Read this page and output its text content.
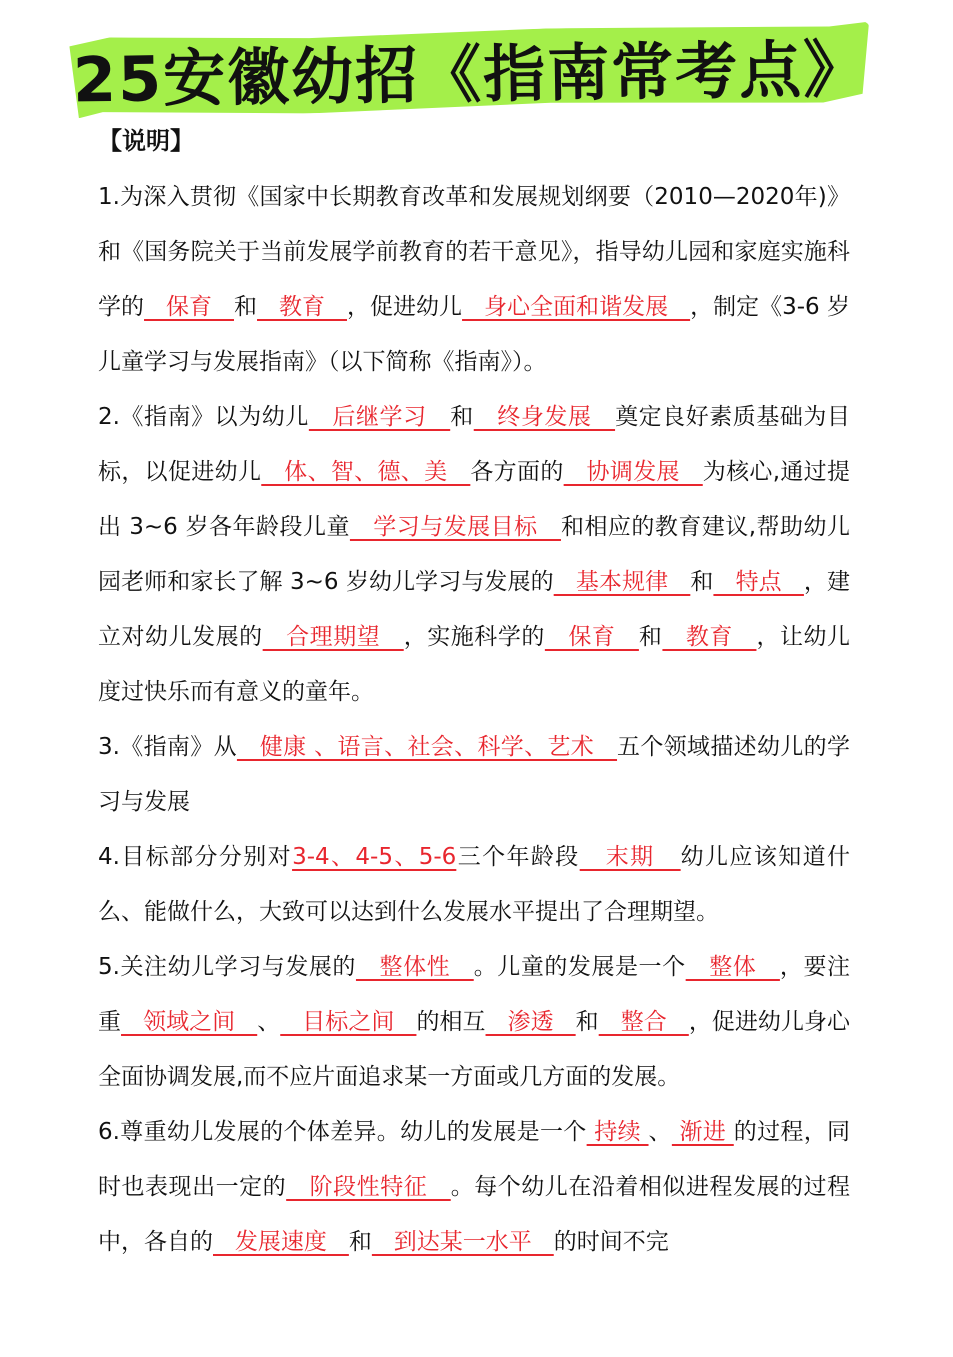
25安徽幼招《指南常考点》
【说明】

1.为深入贯彻《国家中长期教育改革和发展规划纲要（2010—2020年)》和《国务院关于当前发展学前教育的若干意见》，指导幼儿园和家庭实施科学的   保育   和   教育   ，促进幼儿   身心全面和谐发展   ，制定《3-6 岁儿童学习与发展指南》（以下简称《指南》）。

2.《指南》以为幼儿   后继学习   和   终身发展   奠定良好素质基础为目标，以促进幼儿   体、智、德、美   各方面的   协调发展   为核心,通过提出 3~6 岁各年龄段儿童   学习与发展目标   和相应的教育建议,帮助幼儿园老师和家长了解 3~6 岁幼儿学习与发展的   基本规律   和   特点   ，建立对幼儿发展的   合理期望   ，实施科学的   保育   和   教育   ，让幼儿度过快乐而有意义的童年。

3.《指南》从   健康 、语言、社会、科学、艺术   五个领域描述幼儿的学习与发展

4.目标部分分别对3-4、4-5、5-6三个年龄段   末期   幼儿应该知道什么、能做什么，大致可以达到什么发展水平提出了合理期望。

5.关注幼儿学习与发展的   整体性   。儿童的发展是一个   整体   ，要注重   领域之间   、   目标之间   的相互   渗透   和   整合   ，促进幼儿身心全面协调发展,而不应片面追求某一方面或几方面的发展。

6.尊重幼儿发展的个体差异。幼儿的发展是一个 持续 、 渐进 的过程，同时也表现出一定的   阶段性特征   。每个幼儿在沿着相似进程发展的过程中，各自的   发展速度   和   到达某一水平   的时间不完
